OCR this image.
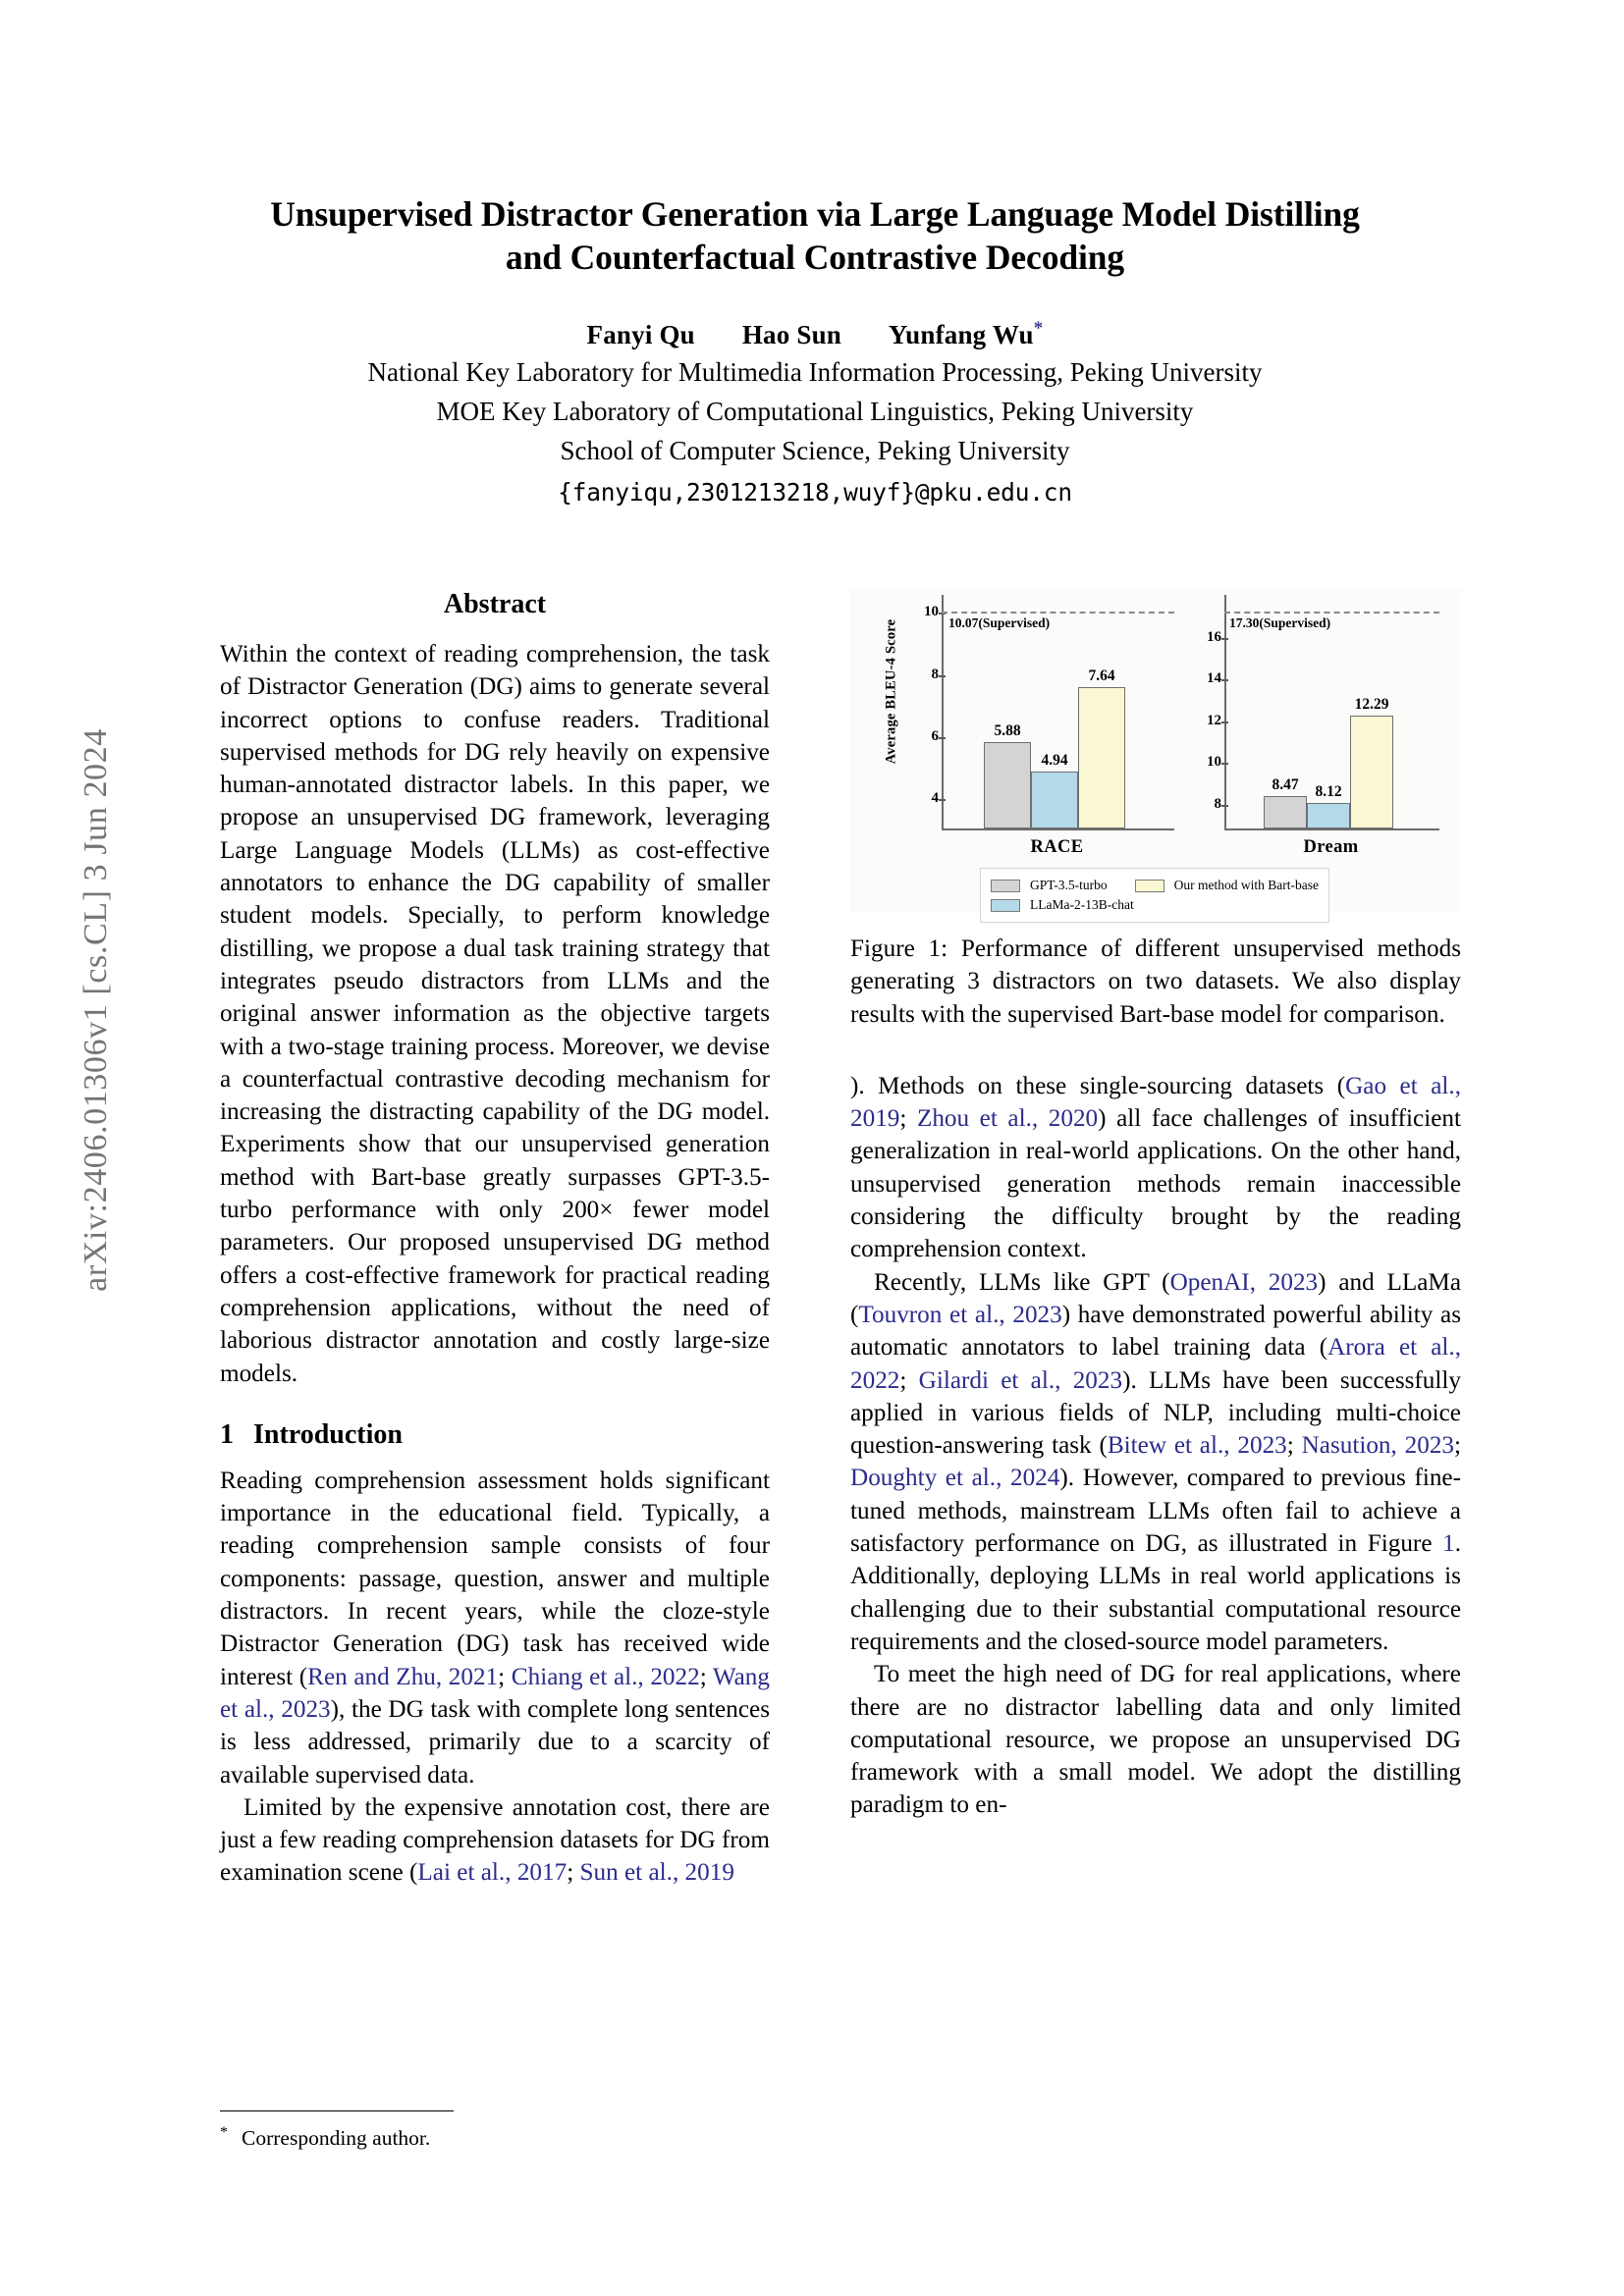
arXiv:2406.01306v1 [cs.CL] 3 Jun 2024
Unsupervised Distractor Generation via Large Language Model Distilling
and Counterfactual Contrastive Decoding
Fanyi Qu Hao Sun Yunfang Wu*
National Key Laboratory for Multimedia Information Processing, Peking University
MOE Key Laboratory of Computational Linguistics, Peking University
School of Computer Science, Peking University
{fanyiqu,2301213218,wuyf}@pku.edu.cn
Abstract

Within the context of reading comprehension, the task of Distractor Generation (DG) aims to generate several incorrect options to confuse readers. Traditional supervised methods for DG rely heavily on expensive human-annotated distractor labels. In this paper, we propose an unsupervised DG framework, leveraging Large Language Models (LLMs) as cost-effective annotators to enhance the DG capability of smaller student models. Specially, to perform knowledge distilling, we propose a dual task training strategy that integrates pseudo distractors from LLMs and the original answer information as the objective targets with a two-stage training process. Moreover, we devise a counterfactual contrastive decoding mechanism for increasing the distracting capability of the DG model. Experiments show that our unsupervised generation method with Bart-base greatly surpasses GPT-3.5-turbo performance with only 200× fewer model parameters. Our proposed unsupervised DG method offers a cost-effective framework for practical reading comprehension applications, without the need of laborious distractor annotation and costly large-size models.

1 Introduction

Reading comprehension assessment holds significant importance in the educational field. Typically, a reading comprehension sample consists of four components: passage, question, answer and multiple distractors. In recent years, while the cloze-style Distractor Generation (DG) task has received wide interest (Ren and Zhu, 2021; Chiang et al., 2022; Wang et al., 2023), the DG task with complete long sentences is less addressed, primarily due to a scarcity of available supervised data.

Limited by the expensive annotation cost, there are just a few reading comprehension datasets for DG from examination scene (Lai et al., 2017; Sun et al., 2019

Average BLEU-4 Score
4
6
8
10
10.07(Supervised)
5.88
4.94
7.64
RACE
8
10
12
14
16
17.30(Supervised)
8.47	8.12
12.29
Dream
GPT-3.5-turbo	Our method with Bart-base
LLaMa-2-13B-chat
Figure 1: Performance of different unsupervised methods generating 3 distractors on two datasets. We also display results with the supervised Bart-base model for comparison.

). Methods on these single-sourcing datasets (Gao et al., 2019; Zhou et al., 2020) all face challenges of insufficient generalization in real-world applications. On the other hand, unsupervised generation methods remain inaccessible considering the difficulty brought by the reading comprehension context.

Recently, LLMs like GPT (OpenAI, 2023) and LLaMa (Touvron et al., 2023) have demonstrated powerful ability as automatic annotators to label training data (Arora et al., 2022; Gilardi et al., 2023). LLMs have been successfully applied in various fields of NLP, including multi-choice question-answering task (Bitew et al., 2023; Nasution, 2023; Doughty et al., 2024). However, compared to previous fine-tuned methods, mainstream LLMs often fail to achieve a satisfactory performance on DG, as illustrated in Figure 1. Additionally, deploying LLMs in real world applications is challenging due to their substantial computational resource requirements and the closed-source model parameters.

To meet the high need of DG for real applications, where there are no distractor labelling data and only limited computational resource, we propose an unsupervised DG framework with a small model. We adopt the distilling paradigm to en-

* Corresponding author.
